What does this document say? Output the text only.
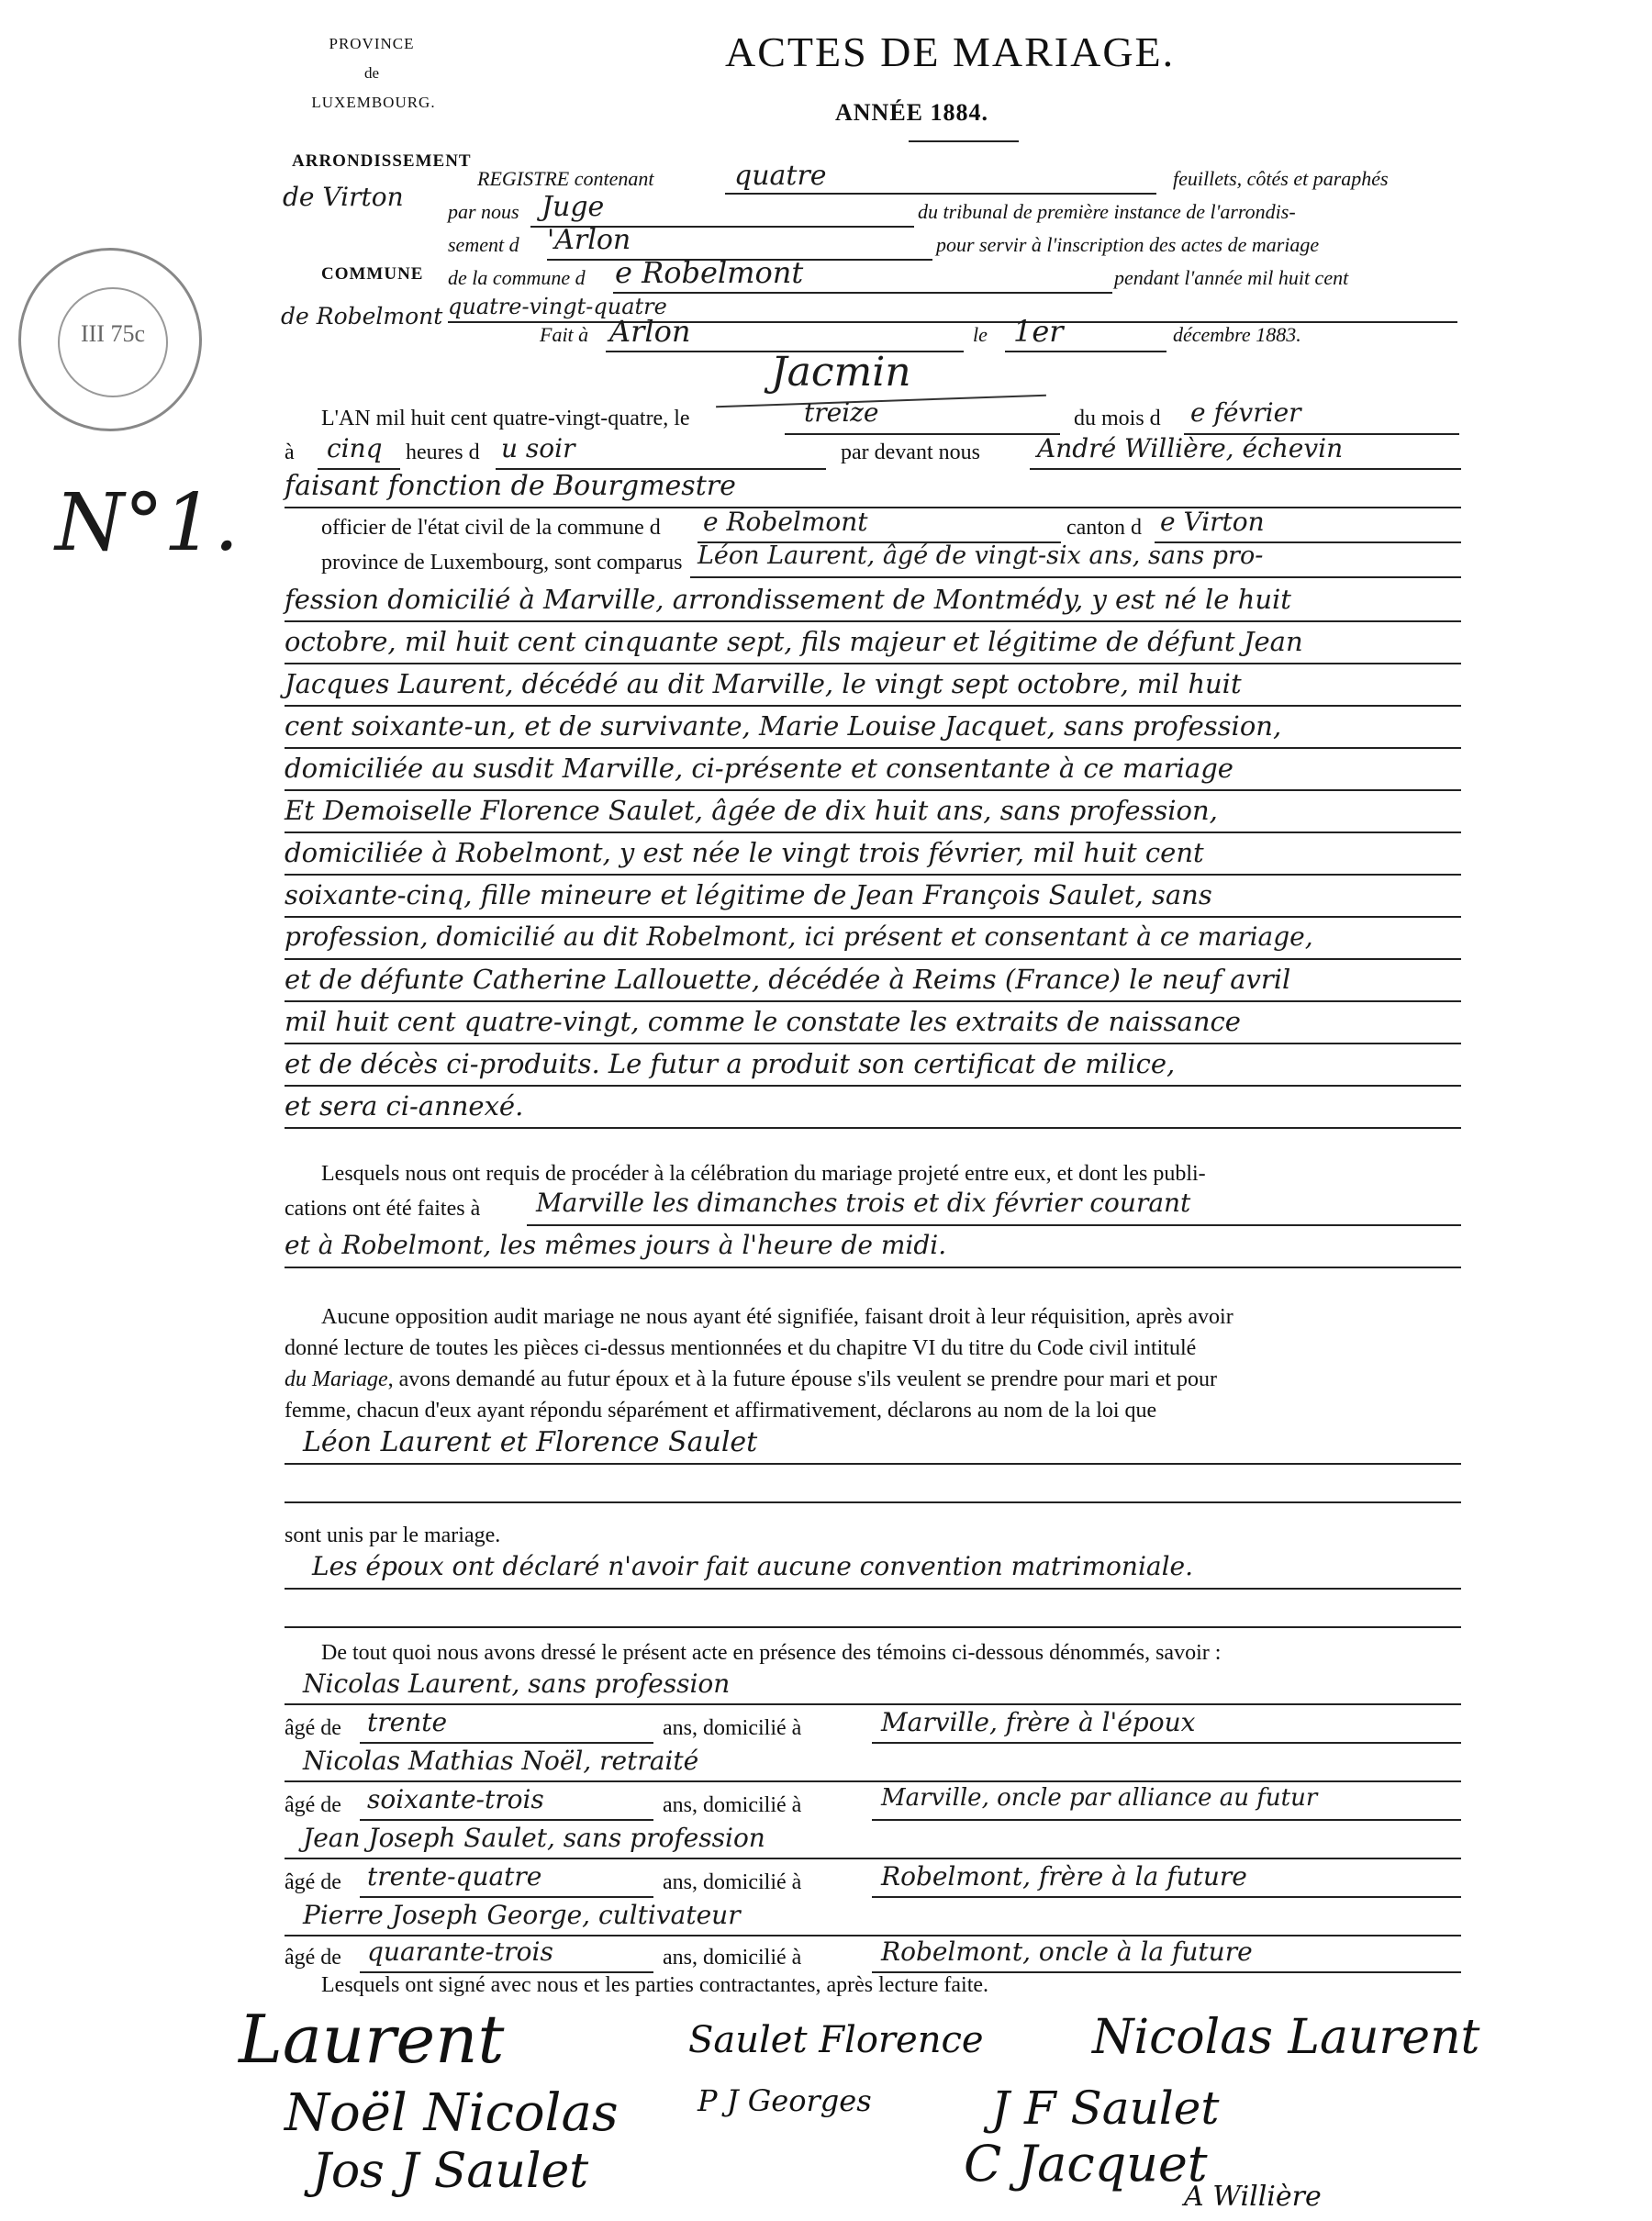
III 75c
PROVINCE
de
LUXEMBOURG.
ARRONDISSEMENT
de Virton
COMMUNE
de Robelmont
N°1.
ACTES DE MARIAGE.
ANNÉE 1884.
REGISTRE contenant	quatre	feuillets, côtés et paraphés
par nous Juge	du tribunal de première instance de l'arrondis-
sement d 'Arlon	pour servir à l'inscription des actes de mariage
de la commune d e Robelmont	pendant l'année mil huit cent
quatre-vingt-quatre
Fait à Arlon	le 1er	décembre 1883.
Jacmin
L'AN mil huit cent quatre-vingt-quatre, le	treize	du mois d e février
à cinq heures d u soir	par devant nous André Willière, échevin
faisant fonction de Bourgmestre
officier de l'état civil de la commune d e Robelmont	canton d e Virton
province de Luxembourg, sont comparus Léon Laurent, âgé de vingt-six ans, sans pro-
fession domicilié à Marville, arrondissement de Montmédy, y est né le huit
octobre, mil huit cent cinquante sept, fils majeur et légitime de défunt Jean
Jacques Laurent, décédé au dit Marville, le vingt sept octobre, mil huit
cent soixante-un, et de survivante, Marie Louise Jacquet, sans profession,
domiciliée au susdit Marville, ci-présente et consentante à ce mariage
Et Demoiselle Florence Saulet, âgée de dix huit ans, sans profession,
domiciliée à Robelmont, y est née le vingt trois février, mil huit cent
soixante-cinq, fille mineure et légitime de Jean François Saulet, sans
profession, domicilié au dit Robelmont, ici présent et consentant à ce mariage,
et de défunte Catherine Lallouette, décédée à Reims (France) le neuf avril
mil huit cent quatre-vingt, comme le constate les extraits de naissance
et de décès ci-produits. Le futur a produit son certificat de milice,
et sera ci-annexé.
Lesquels nous ont requis de procéder à la célébration du mariage projeté entre eux, et dont les publi-
cations ont été faites à Marville les dimanches trois et dix février courant
et à Robelmont, les mêmes jours à l'heure de midi.
Aucune opposition audit mariage ne nous ayant été signifiée, faisant droit à leur réquisition, après avoir
donné lecture de toutes les pièces ci-dessus mentionnées et du chapitre VI du titre du Code civil intitulé
du Mariage, avons demandé au futur époux et à la future épouse s'ils veulent se prendre pour mari et pour
femme, chacun d'eux ayant répondu séparément et affirmativement, déclarons au nom de la loi que
Léon Laurent et Florence Saulet
sont unis par le mariage.
Les époux ont déclaré n'avoir fait aucune convention matrimoniale.
De tout quoi nous avons dressé le présent acte en présence des témoins ci-dessous dénommés, savoir :
Nicolas Laurent, sans profession
âgé de trente	ans, domicilié à	Marville, frère à l'époux
Nicolas Mathias Noël, retraité
âgé de soixante-trois	ans, domicilié à	Marville, oncle par alliance au futur
Jean Joseph Saulet, sans profession
âgé de trente-quatre	ans, domicilié à	Robelmont, frère à la future
Pierre Joseph George, cultivateur
âgé de quarante-trois	ans, domicilié à	Robelmont, oncle à la future
Lesquels ont signé avec nous et les parties contractantes, après lecture faite.
Laurent	Saulet Florence Nicolas Laurent
Noël Nicolas	P J Georges	J F Saulet
Jos J Saulet	C Jacquet
A Willière
